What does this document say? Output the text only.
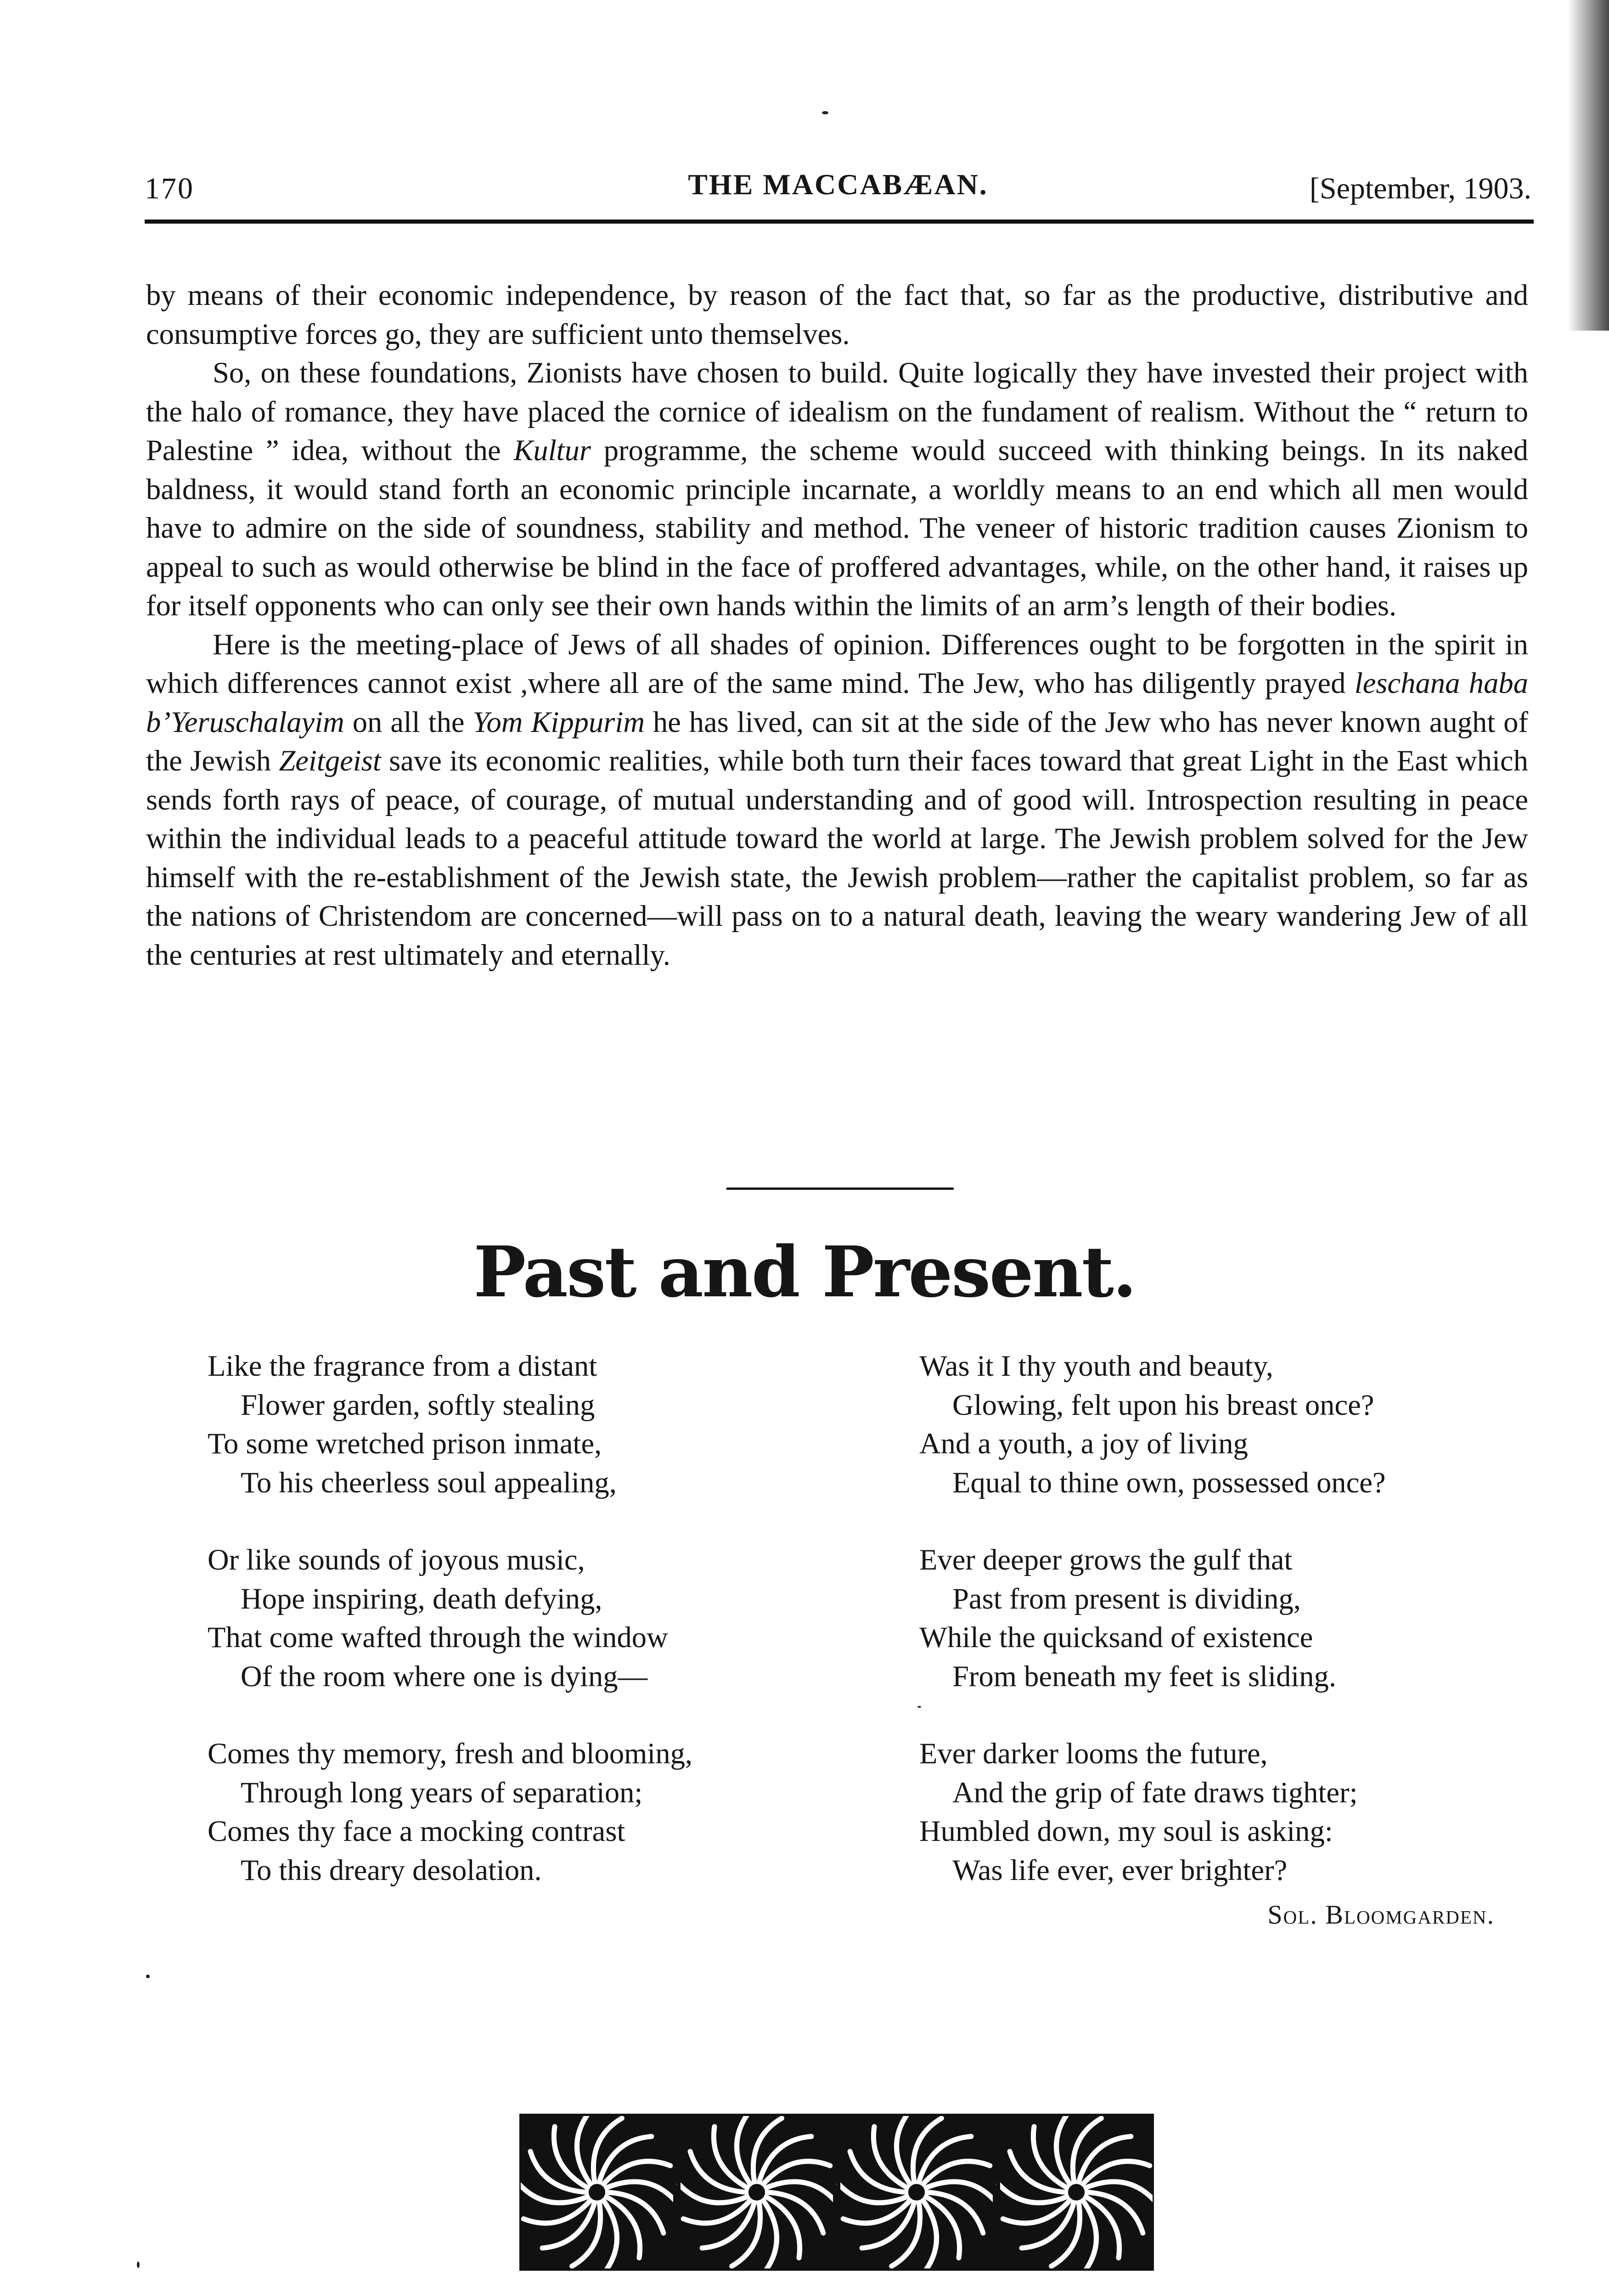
170	THE MACCABÆAN.	[September, 1903.

by means of their economic independence, by reason of the fact that, so far as the productive, distributive and consumptive forces go, they are sufficient unto themselves.

So, on these foundations, Zionists have chosen to build. Quite logically they have invested their project with the halo of romance, they have placed the cornice of idealism on the fundament of realism. Without the “ return to Palestine ” idea, without the Kultur programme, the scheme would succeed with thinking beings. In its naked baldness, it would stand forth an economic principle incarnate, a worldly means to an end which all men would have to admire on the side of soundness, stability and method. The veneer of historic tradition causes Zionism to appeal to such as would otherwise be blind in the face of proffered advantages, while, on the other hand, it raises up for itself opponents who can only see their own hands within the limits of an arm’s length of their bodies.

Here is the meeting-place of Jews of all shades of opinion. Differences ought to be forgotten in the spirit in which differences cannot exist ,where all are of the same mind. The Jew, who has diligently prayed leschana haba b’Yeruschalayim on all the Yom Kippurim he has lived, can sit at the side of the Jew who has never known aught of the Jewish Zeitgeist save its economic realities, while both turn their faces toward that great Light in the East which sends forth rays of peace, of courage, of mutual understanding and of good will. Introspection resulting in peace within the individual leads to a peaceful attitude toward the world at large. The Jewish problem solved for the Jew himself with the re-establishment of the Jewish state, the Jewish problem—rather the capitalist problem, so far as the nations of Christendom are concerned—will pass on to a natural death, leaving the weary wandering Jew of all the centuries at rest ultimately and eternally.

Past and Present.
Like the fragrance from a distant
Flower garden, softly stealing
To some wretched prison inmate,
To his cheerless soul appealing,
Or like sounds of joyous music,
Hope inspiring, death defying,
That come wafted through the window
Of the room where one is dying—
Comes thy memory, fresh and blooming,
Through long years of separation;
Comes thy face a mocking contrast
To this dreary desolation.
Was it I thy youth and beauty,
Glowing, felt upon his breast once?
And a youth, a joy of living
Equal to thine own, possessed once?
Ever deeper grows the gulf that
Past from present is dividing,
While the quicksand of existence
From beneath my feet is sliding.
Ever darker looms the future,
And the grip of fate draws tighter;
Humbled down, my soul is asking:
Was life ever, ever brighter?
Sol. Bloomgarden.
